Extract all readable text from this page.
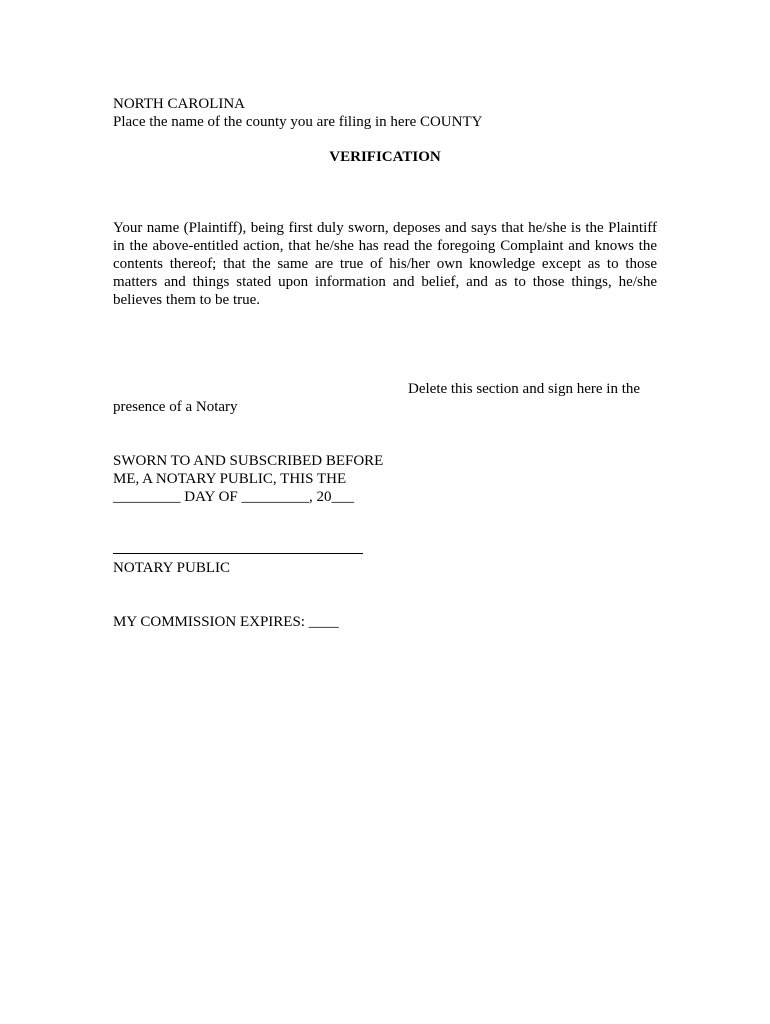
NORTH CAROLINA
Place the name of the county you are filing in here COUNTY
VERIFICATION
Your name (Plaintiff), being first duly sworn, deposes and says that he/she is the Plaintiff in the above-entitled action, that he/she has read the foregoing Complaint and knows the contents thereof; that the same are true of his/her own knowledge except as to those matters and things stated upon information and belief, and as to those things, he/she believes them to be true.
Delete this section and sign here in the
presence of a Notary
SWORN TO AND SUBSCRIBED BEFORE
ME, A NOTARY PUBLIC, THIS THE
_________ DAY OF _________, 20___
NOTARY PUBLIC
MY COMMISSION EXPIRES: ____
